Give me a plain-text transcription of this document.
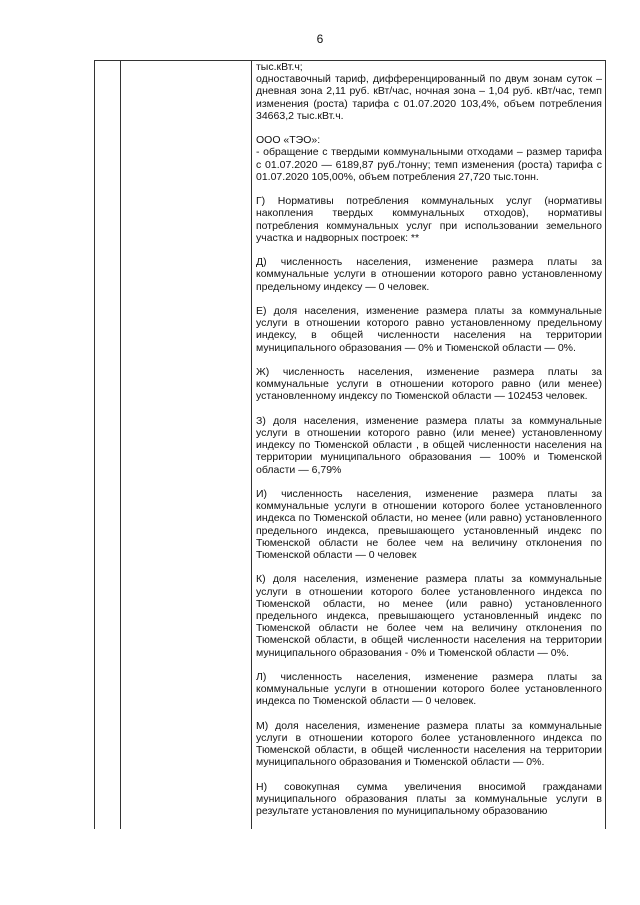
6

тыс.кВт.ч;

одноставочный тариф, дифференцированный по двум зонам суток – дневная зона 2,11 руб. кВт/час, ночная зона – 1,04 руб. кВт/час, темп изменения (роста) тарифа с 01.07.2020 103,4%, объем потребления 34663,2 тыс.кВт.ч.

ООО «ТЭО»:

- обращение с твердыми коммунальными отходами – размер тарифа с 01.07.2020 — 6189,87 руб./тонну; темп изменения (роста) тарифа с 01.07.2020 105,00%, объем потребления 27,720 тыс.тонн.

Г) Нормативы потребления коммунальных услуг (нормативы накопления твердых коммунальных отходов), нормативы потребления коммунальных услуг при использовании земельного участка и надворных построек: **

Д) численность населения, изменение размера платы за коммунальные услуги в отношении которого равно установленному предельному индексу — 0 человек.

Е) доля населения, изменение размера платы за коммунальные услуги в отношении которого равно установленному предельному индексу, в общей численности населения на территории муниципального образования — 0% и Тюменской области — 0%.

Ж) численность населения, изменение размера платы за коммунальные услуги в отношении которого равно (или менее) установленному индексу по Тюменской области — 102453 человек.

З) доля населения, изменение размера платы за коммунальные услуги в отношении которого равно (или менее) установленному индексу по Тюменской области , в общей численности населения на территории муниципального образования — 100% и Тюменской области — 6,79%

И) численность населения, изменение размера платы за коммунальные услуги в отношении которого более установленного индекса по Тюменской области, но менее (или равно) установленного предельного индекса, превышающего установленный индекс по Тюменской области не более чем на величину отклонения по Тюменской области — 0 человек

К) доля населения, изменение размера платы за коммунальные услуги в отношении которого более установленного индекса по Тюменской области, но менее (или равно) установленного предельного индекса, превышающего установленный индекс по Тюменской области не более чем на величину отклонения по Тюменской области, в общей численности населения на территории муниципального образования - 0% и Тюменской области — 0%.

Л) численность населения, изменение размера платы за коммунальные услуги в отношении которого более установленного индекса по Тюменской области — 0 человек.

М) доля населения, изменение размера платы за коммунальные услуги в отношении которого более установленного индекса по Тюменской области, в общей численности населения на территории муниципального образования и Тюменской области — 0%.

Н) совокупная сумма увеличения вносимой гражданами муниципального образования платы за коммунальные услуги в результате установления по муниципальному образованию
